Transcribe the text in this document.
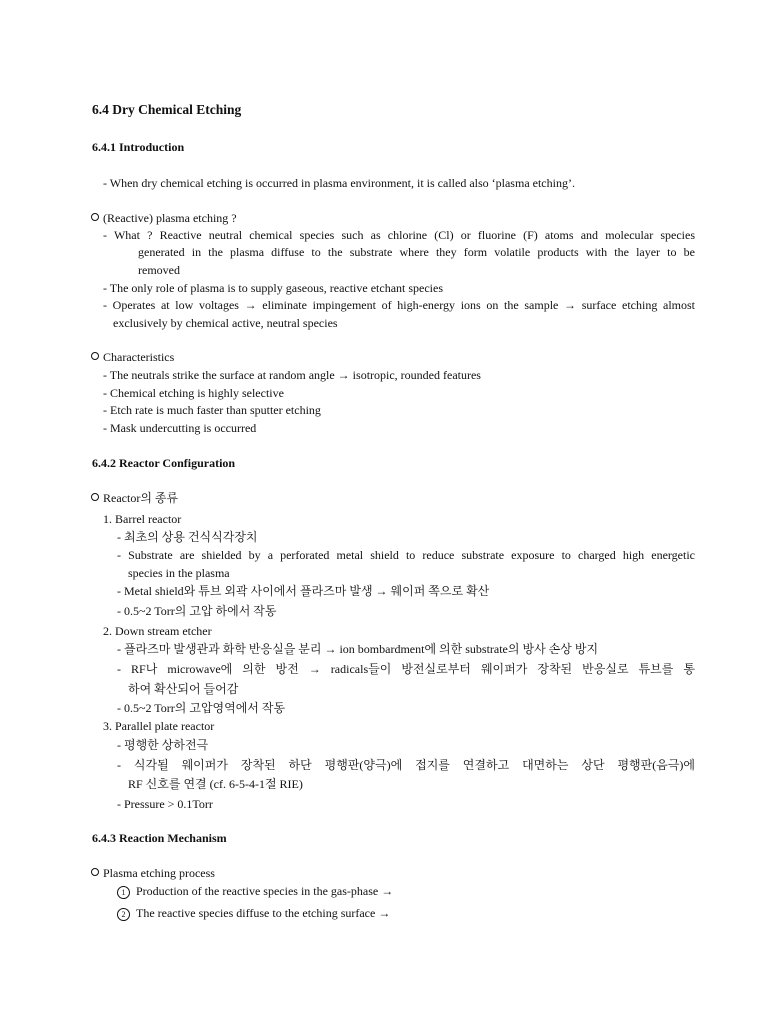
6.4 Dry Chemical Etching
6.4.1 Introduction
- When dry chemical etching is occurred in plasma environment, it is called also ‘plasma etching’.
(Reactive) plasma etching ?
- What ? Reactive neutral chemical species such as chlorine (Cl) or fluorine (F) atoms and molecular species
generated in the plasma diffuse to the substrate where they form volatile products with the layer to be
removed
- The only role of plasma is to supply gaseous, reactive etchant species
- Operates at low voltages → eliminate impingement of high-energy ions on the sample → surface etching almost
exclusively by chemical active, neutral species
Characteristics
- The neutrals strike the surface at random angle → isotropic, rounded features
- Chemical etching is highly selective
- Etch rate is much faster than sputter etching
- Mask undercutting is occurred
6.4.2 Reactor Configuration
Reactor의 종류
1. Barrel reactor
- 최초의 상용 건식식각장치
- Substrate are shielded by a perforated metal shield to reduce substrate exposure to charged high energetic
species in the plasma
- Metal shield와 튜브 외곽 사이에서 플라즈마 발생 → 웨이퍼 쪽으로 확산
- 0.5~2 Torr의 고압 하에서 작동
2. Down stream etcher
- 플라즈마 발생관과 화학 반응실을 분리 → ion bombardment에 의한 substrate의 방사 손상 방지
- RF나 microwave에 의한 방전 → radicals들이 방전실로부터 웨이퍼가 장착된 반응실로 튜브를 통
하여 확산되어 들어감
- 0.5~2 Torr의 고압영역에서 작동
3. Parallel plate reactor
- 평행한 상하전극
- 식각될 웨이퍼가 장착된 하단 평행판(양극)에 접지를 연결하고 대면하는 상단 평행판(음극)에
RF 신호를 연결 (cf. 6-5-4-1절 RIE)
- Pressure > 0.1Torr
6.4.3 Reaction Mechanism
Plasma etching process
1 Production of the reactive species in the gas-phase →
2 The reactive species diffuse to the etching surface →
